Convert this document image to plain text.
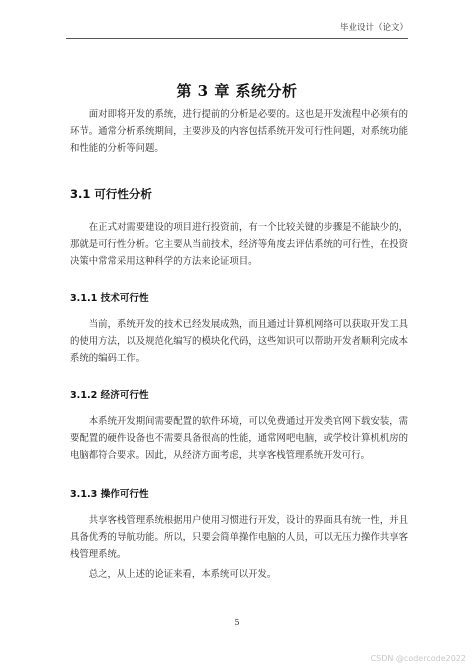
毕业设计（论文）
第 3 章 系统分析

面对即将开发的系统，进行提前的分析是必要的。这也是开发流程中必须有的环节。通常分析系统期间，主要涉及的内容包括系统开发可行性问题，对系统功能和性能的分析等问题。

3.1 可行性分析

在正式对需要建设的项目进行投资前，有一个比较关键的步骤是不能缺少的，那就是可行性分析。它主要从当前技术，经济等角度去评估系统的可行性，在投资决策中常常采用这种科学的方法来论证项目。

3.1.1 技术可行性

当前，系统开发的技术已经发展成熟，而且通过计算机网络可以获取开发工具的使用方法，以及规范化编写的模块化代码，这些知识可以帮助开发者顺利完成本系统的编码工作。

3.1.2 经济可行性

本系统开发期间需要配置的软件环境，可以免费通过开发类官网下载安装，需要配置的硬件设备也不需要具备很高的性能，通常网吧电脑，或学校计算机机房的电脑都符合要求。因此，从经济方面考虑，共享客栈管理系统开发可行。

3.1.3 操作可行性

共享客栈管理系统根据用户使用习惯进行开发，设计的界面具有统一性，并且具备优秀的导航功能。所以，只要会简单操作电脑的人员，可以无压力操作共享客栈管理系统。

总之，从上述的论证来看，本系统可以开发。

5
CSDN @codercode2022
